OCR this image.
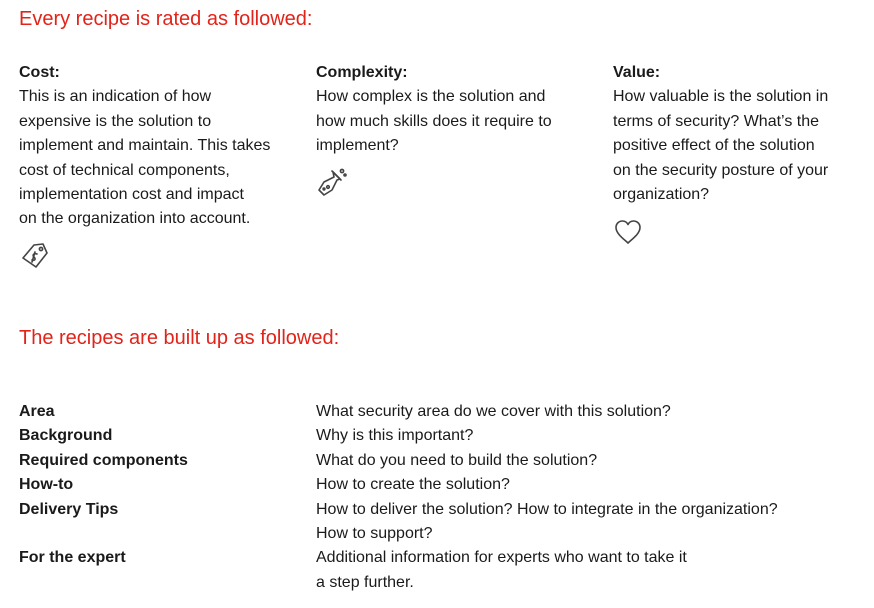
Every recipe is rated as followed:
Cost:
This is an indication of how
expensive is the solution to
implement and maintain. This takes
cost of technical components,
implementation cost and impact
on the organization into account.
Complexity:
How complex is the solution and
how much skills does it require to
implement?
Value:
How valuable is the solution in
terms of security? What’s the
positive effect of the solution
on the security posture of your
organization?
The recipes are built up as followed:
Area	What security area do we cover with this solution?
Background	Why is this important?
Required components	What do you need to build the solution?
How-to	How to create the solution?
Delivery Tips	How to deliver the solution? How to integrate in the organization?
How to support?
For the expert	Additional information for experts who want to take it
a step further.
